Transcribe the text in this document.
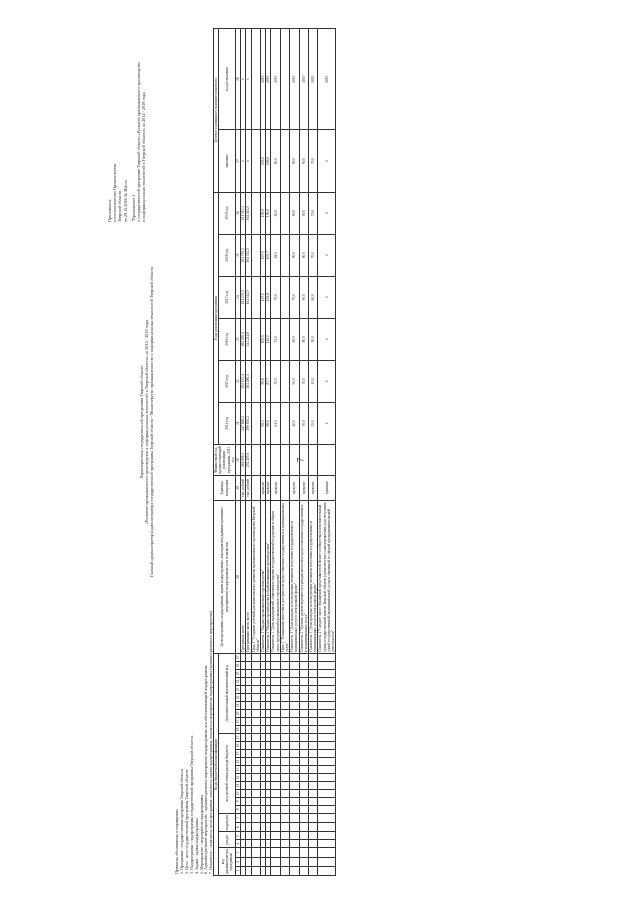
7
Приложение к постановлению Правительства Тверской области от 29.12.2016 № 464-пп "Приложение 1 к государственной программе Тверской области «Развитие промышленного производства и информационных технологий в Тверской области» на 2014 - 2019 годы
Характеристика государственной программы Тверской области «Развитие промышленного производства и информационных технологий в Тверской области» на 2014 - 2019 годы Главный администратор (администратор) государственной программы Тверской области - Министерство промышленности и информационных технологий Тверской области
Принятые обозначения и сокращения: 1. Программа - государственная программа Тверской области. 2. Цель - цель государственной программы Тверской области. 3. Подпрограмма - подпрограмма государственной программы Тверской области. 4. Задача - задача подпрограммы. 5. Мероприятие - мероприятие подпрограммы. 6. Административное мероприятие - административное мероприятие подпрограммы или обеспечивающей подпрограммы. 7. Показатель - показатель цели программы, показатель задачи подпрограммы, показатель мероприятия подпрограммы (административного мероприятия). Коды бюджетной классификации																											Цели программы, подпрограммы, задачи подпрограммы, мероприятия (административные мероприятия) подпрограммы и их показатели	Единица измерения	Финансовый год, предшествующий реализации программы, 2013 год	Годы реализации программы						Целевое (суммарное) значение показателя	
код администратора программы			раздел		подраздел		код целевой статьи расхода бюджета										Дополнительный аналитический код													2014 год	2015 год	2016 год	2017 год	2018 год	2019 год	значение	год достижения

1	2	3	4	5	6	7	8	9	10	11	12	13	14	15	16	17	18	19	20	21	22	23	24	25	26	27	28	29	30	31	32	33	34	35	36	37	38
																											Программа, всего	тыс. рублей	261 696,3	247 668,2	292 123,4	382 200,4	221 233,5	221 703,3	221 313,3	х	х
																											Программная часть, всего	тыс. рублей	252 405,6	196 836,2	284 480,1	324 241,8	164 114,5	164 114,5	164 114,5	х	х
																											Цель 1 "Создание условий для комплексного развития промышленного производства Тверской области"										
																											Показатель 1 "Индекс промышленного производства"	процент		99,3	95,8	105,5	107,5	107,5	105,0	105,0	2019
																											Показатель 2 "Индекс производства в обрабатывающих производствах"	процент		98,6	87,7	112,0	104,8	103,7	106,6	106,6	2019
																											Показатель 3 "Доля предприятий, охваченных мерами государственной поддержки в общем числе предприятий промышленного производства"	процент		61,0	70,0	74,0	79,0	81,0	83,0	83,0	2019
																											Цель 2 "Повышение качества и доступности предоставления государственных и муниципальных услуг"										
																											Показатель 1 "Доля граждан, использующих механизм получения государственных и муниципальных услуг в электронной форме"	процент		40,0	50,0	60,0	70,0	90,0	90,0	90,0	2019
																											Показатель 2 "Уровень удовлетворенности граждан качеством предоставления государственных и муниципальных услуг"	процент		70,0	75,0	80,0	90,0	90,0	90,0	90,0	2019
																											Показатель 3 "Доля граждан, использующих механизм получения государственных и муниципальных услуг в электронной форме"	процент		35,0	45,0	50,0	60,0	70,0	70,0	70,0	2019
																											Показатель 4 "Среднее число обращений представителей бизнес-сообщества в исполнительный орган государственной власти Тверской области (орган местного самоуправления) для получения одной государственной (муниципальной) услуги, связанной со сферой предпринимательской деятельности"	единица		2	2	2	2	2	2	2	2019
